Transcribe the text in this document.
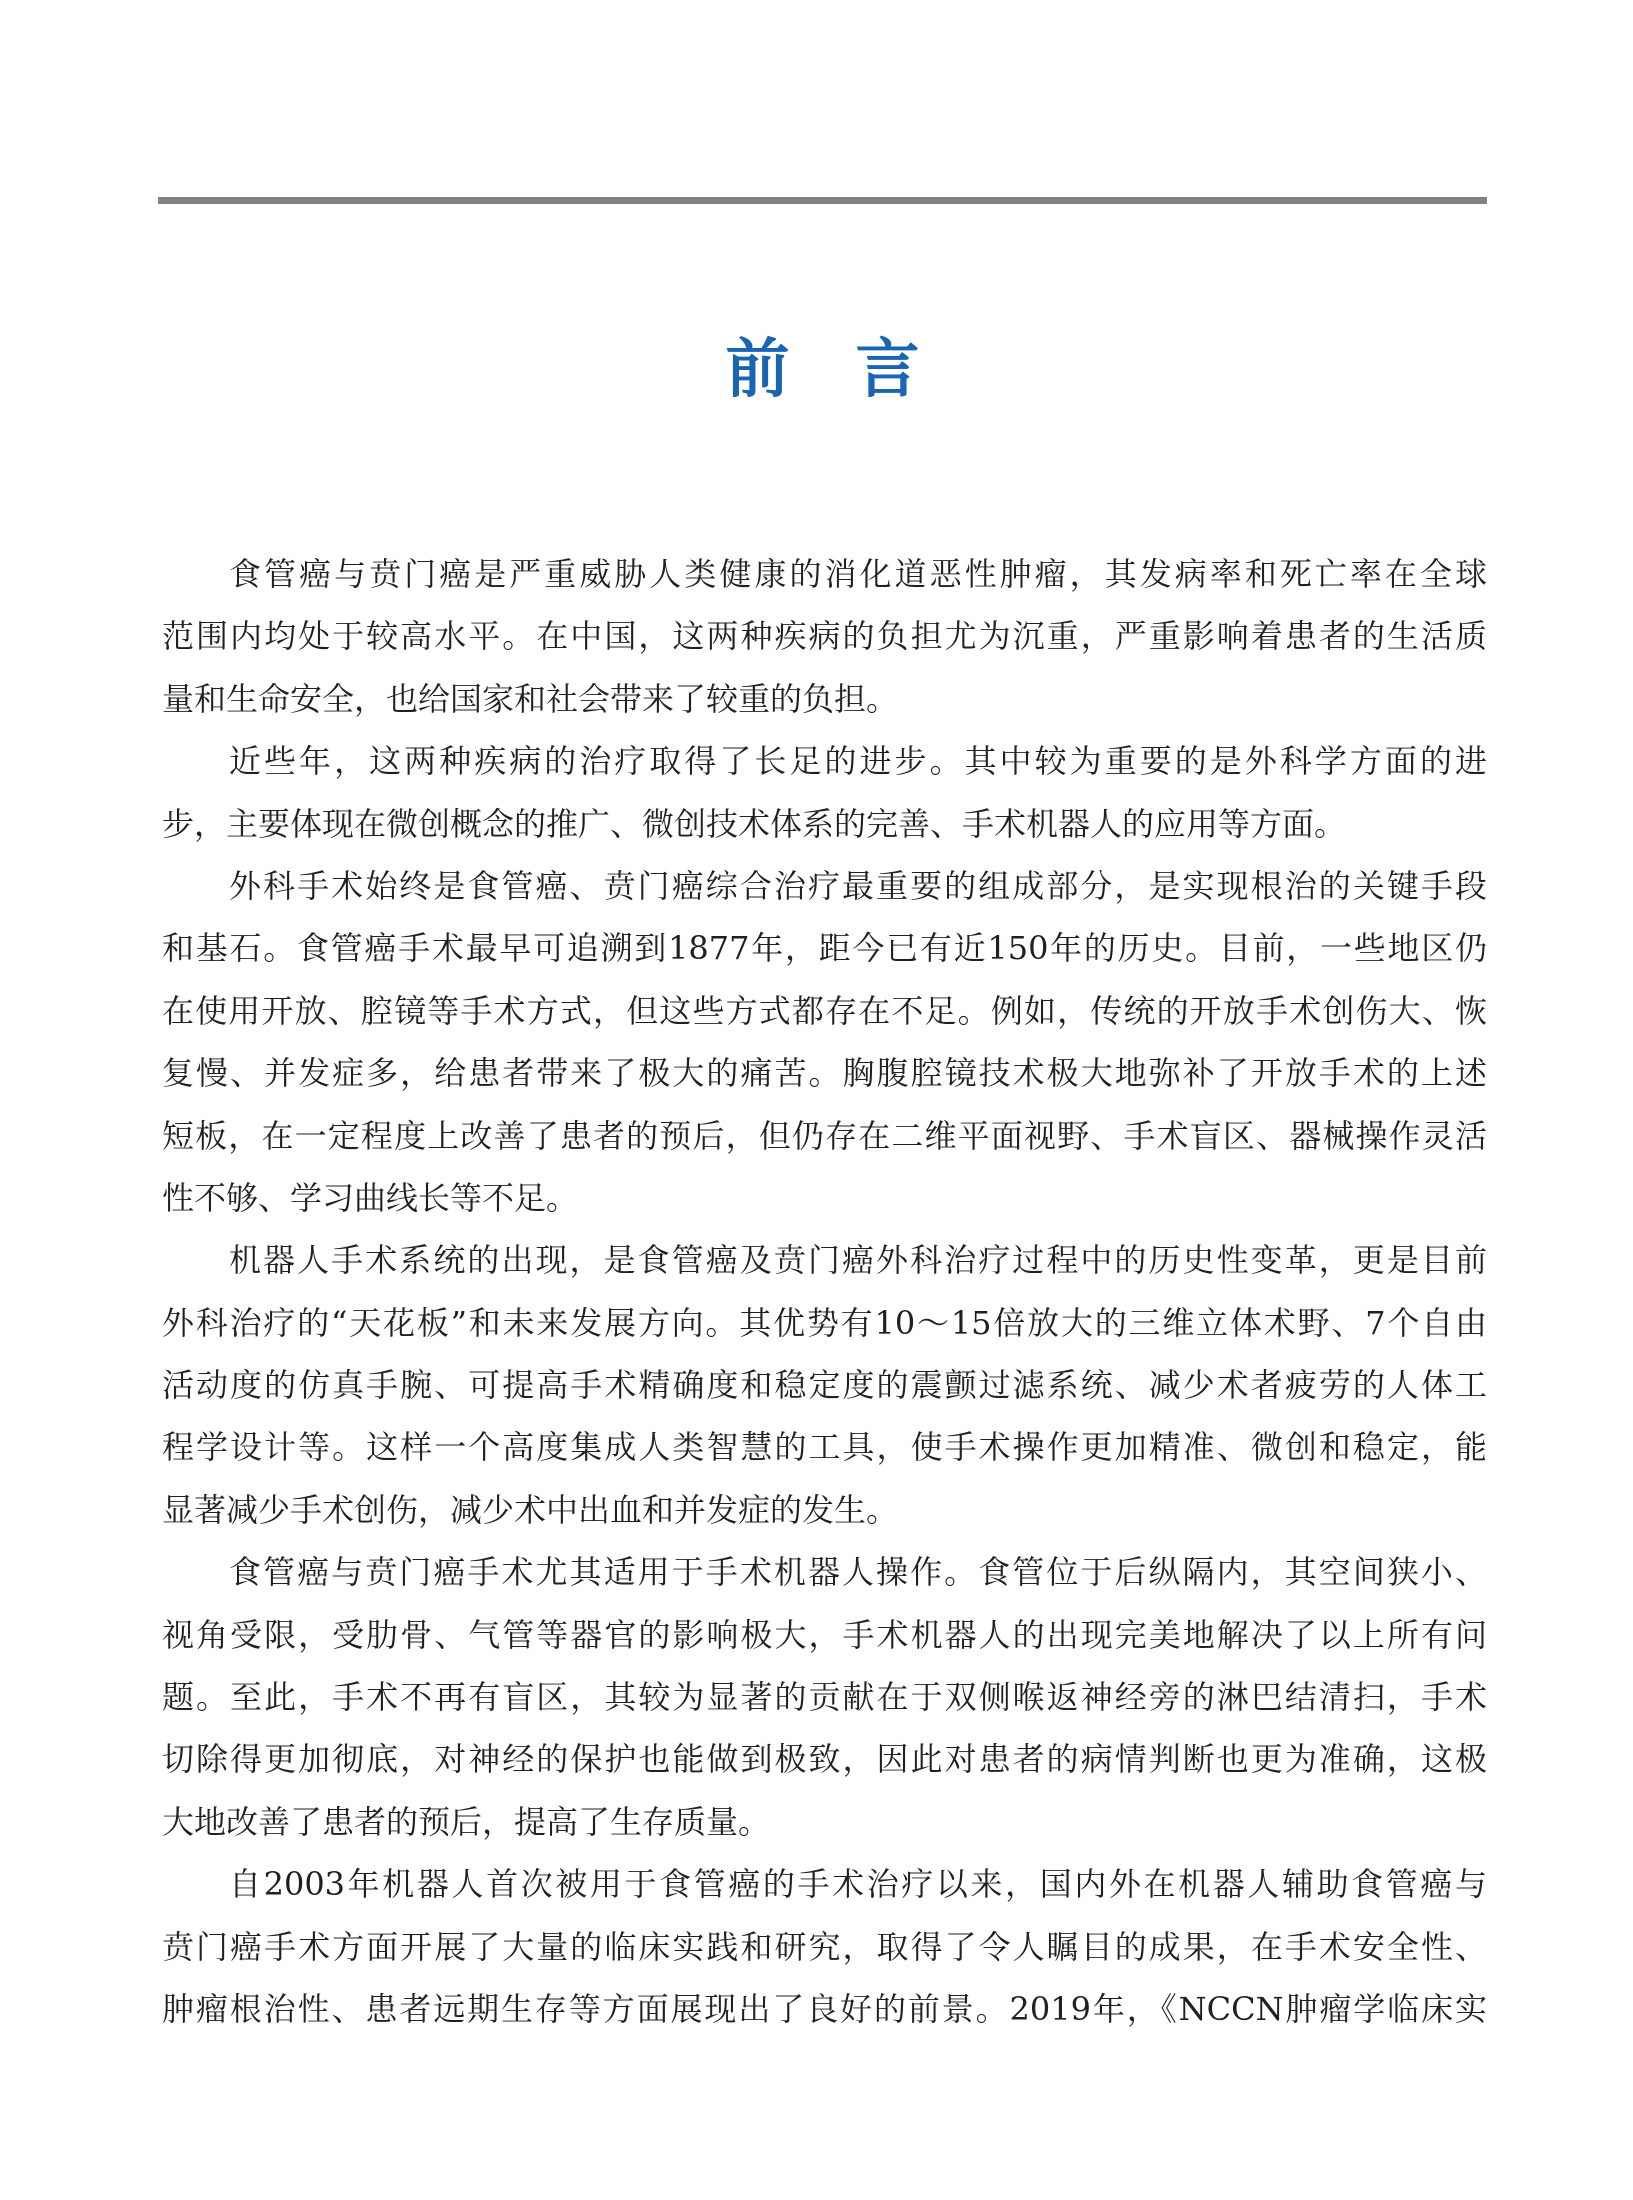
前言
食管癌与贲门癌是严重威胁人类健康的消化道恶性肿瘤，其发病率和死亡率在全球
范围内均处于较高水平。在中国，这两种疾病的负担尤为沉重，严重影响着患者的生活质
量和生命安全，也给国家和社会带来了较重的负担。
近些年，这两种疾病的治疗取得了长足的进步。其中较为重要的是外科学方面的进
步，主要体现在微创概念的推广、微创技术体系的完善、手术机器人的应用等方面。
外科手术始终是食管癌、贲门癌综合治疗最重要的组成部分，是实现根治的关键手段
和基石。食管癌手术最早可追溯到1877年，距今已有近150年的历史。目前，一些地区仍
在使用开放、腔镜等手术方式，但这些方式都存在不足。例如，传统的开放手术创伤大、恢
复慢、并发症多，给患者带来了极大的痛苦。胸腹腔镜技术极大地弥补了开放手术的上述
短板，在一定程度上改善了患者的预后，但仍存在二维平面视野、手术盲区、器械操作灵活
性不够、学习曲线长等不足。
机器人手术系统的出现，是食管癌及贲门癌外科治疗过程中的历史性变革，更是目前
外科治疗的“天花板”和未来发展方向。其优势有10～15倍放大的三维立体术野、7个自由
活动度的仿真手腕、可提高手术精确度和稳定度的震颤过滤系统、减少术者疲劳的人体工
程学设计等。这样一个高度集成人类智慧的工具，使手术操作更加精准、微创和稳定，能
显著减少手术创伤，减少术中出血和并发症的发生。
食管癌与贲门癌手术尤其适用于手术机器人操作。食管位于后纵隔内，其空间狭小、
视角受限，受肋骨、气管等器官的影响极大，手术机器人的出现完美地解决了以上所有问
题。至此，手术不再有盲区，其较为显著的贡献在于双侧喉返神经旁的淋巴结清扫，手术
切除得更加彻底，对神经的保护也能做到极致，因此对患者的病情判断也更为准确，这极
大地改善了患者的预后，提高了生存质量。
自2003年机器人首次被用于食管癌的手术治疗以来，国内外在机器人辅助食管癌与
贲门癌手术方面开展了大量的临床实践和研究，取得了令人瞩目的成果，在手术安全性、
肿瘤根治性、患者远期生存等方面展现出了良好的前景。2019年，《NCCN肿瘤学临床实
